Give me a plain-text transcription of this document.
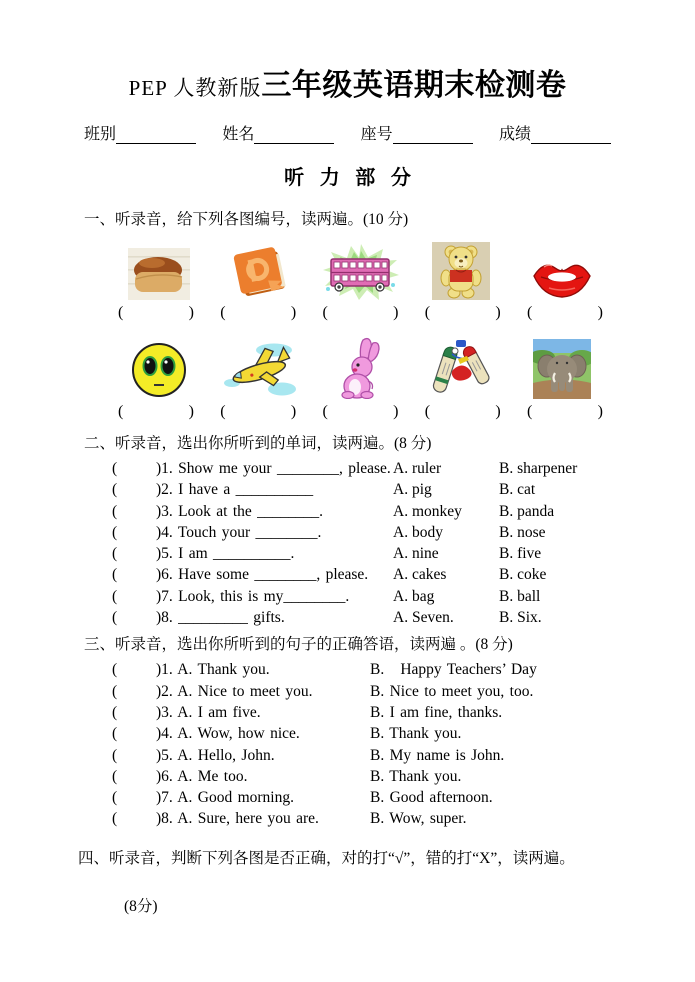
PEP 人教新版三年级英语期末检测卷
班别	姓名	座号	成绩
听 力 部 分
一、听录音，给下列各图编号，读两遍。(10 分)
(	) (	) (	) (	) (	)
(	) (	) (	) (	) (	)
二、听录音，选出你所听到的单词，读两遍。(8 分)
(	)1. Show me your ________, please. A. ruler	B. sharpener
(	)2. I have a __________	A. pig	B. cat
(	)3. Look at the ________.	A. monkey	B. panda
(	)4. Touch your ________.	A. body	B. nose
(	)5. I am __________.	A. nine	B. five
(	)6. Have some ________, please.	A. cakes	B. coke
(	)7. Look, this is my________.	A. bag	B. ball
(	)8. _________ gifts.	A. Seven.	B. Six.
三、听录音，选出你所听到的句子的正确答语，读两遍 。(8 分)
(	)1. A. Thank you.	B.   Happy Teachers’ Day
(	)2. A. Nice to meet you.	B. Nice to meet you, too.
(	)3. A. I am five.	B. I am fine, thanks.
(	)4. A. Wow, how nice.	B. Thank you.
(	)5. A. Hello, John.	B. My name is John.
(	)6. A. Me too.	B. Thank you.
(	)7. A. Good morning.	B. Good afternoon.
(	)8. A. Sure, here you are.	B. Wow, super.
四、听录音，判断下列各图是否正确，对的打“√”，错的打“X”，读两遍。
(8分)
